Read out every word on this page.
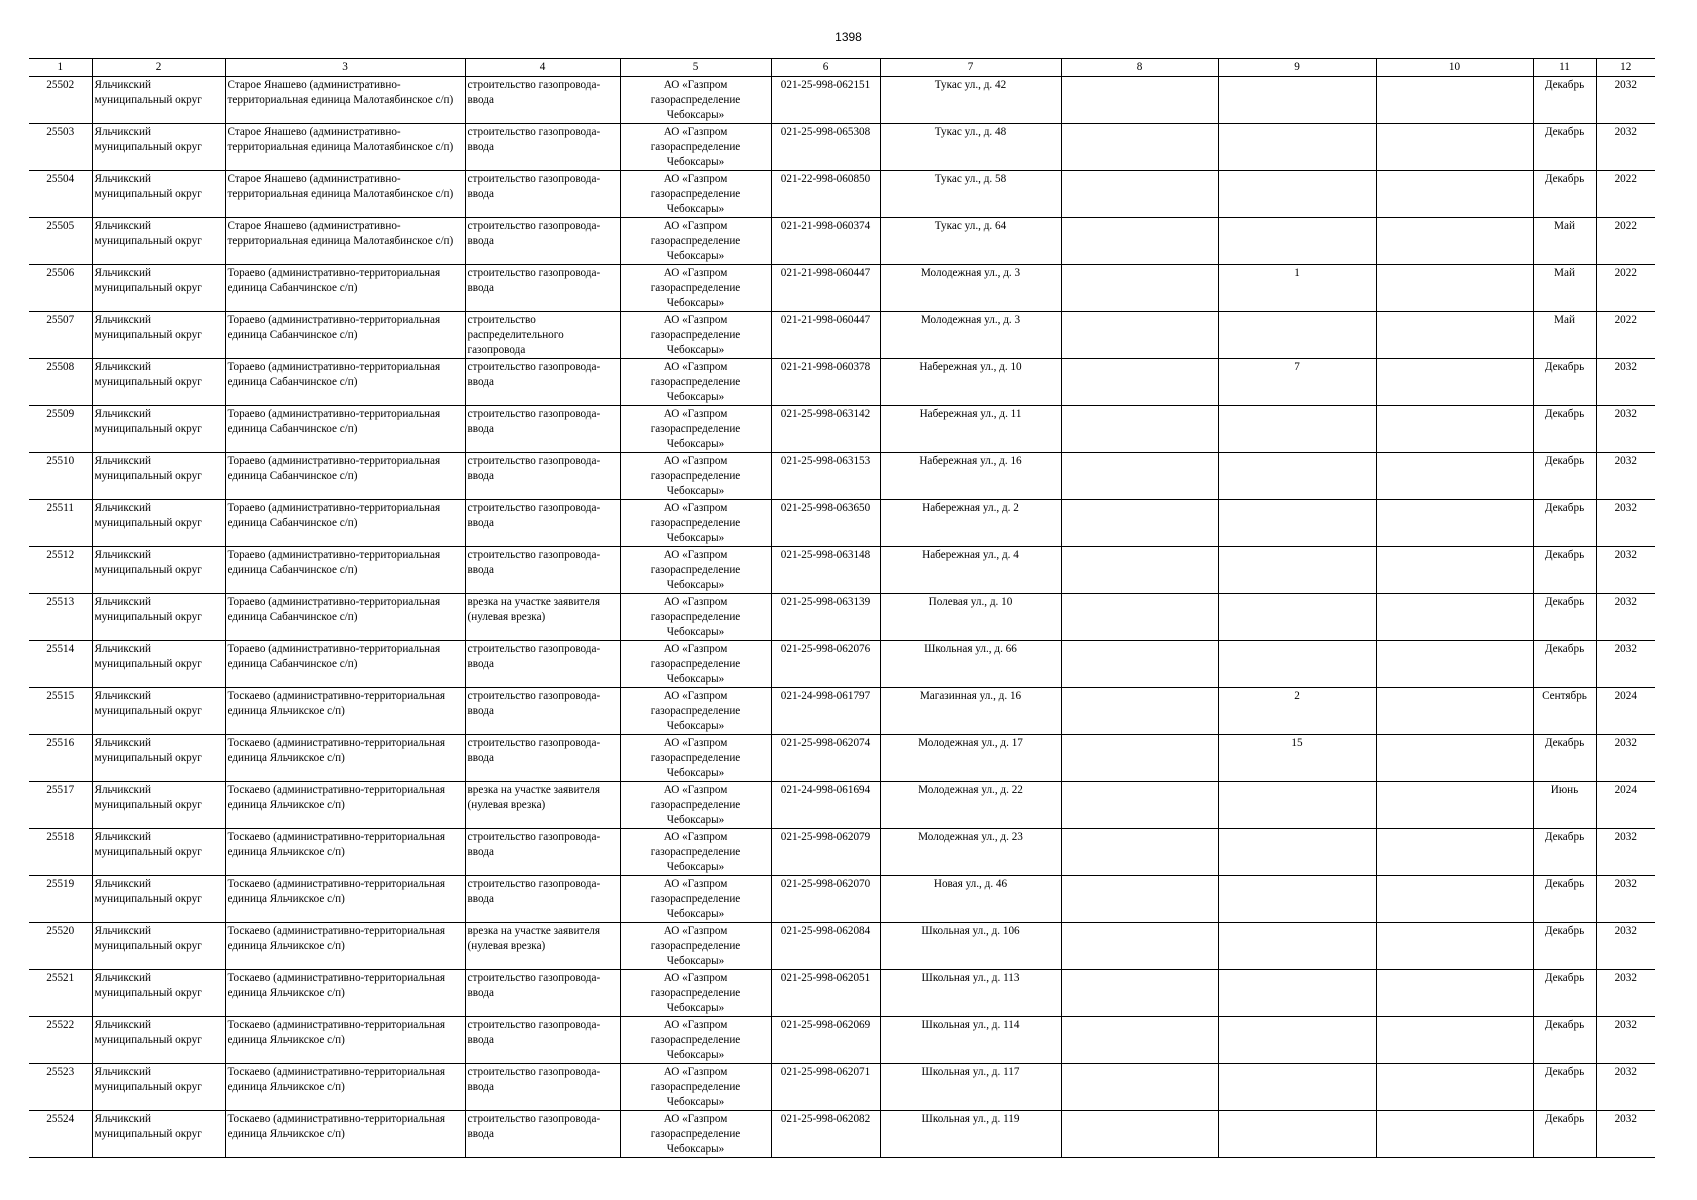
1398
1	2	3	4	5	6	7	8	9	10	11	12
25502	Яльчикский муниципальный округ	Старое Янашево (административно-территориальная единица Малотаябинское с/п)	строительство газопровода-ввода	АО «Газпром газораспределение Чебоксары»	021-25-998-062151	Тукас ул., д. 42				Декабрь	2032
25503	Яльчикский муниципальный округ	Старое Янашево (административно-территориальная единица Малотаябинское с/п)	строительство газопровода-ввода	АО «Газпром газораспределение Чебоксары»	021-25-998-065308	Тукас ул., д. 48				Декабрь	2032
25504	Яльчикский муниципальный округ	Старое Янашево (административно-территориальная единица Малотаябинское с/п)	строительство газопровода-ввода	АО «Газпром газораспределение Чебоксары»	021-22-998-060850	Тукас ул., д. 58				Декабрь	2022
25505	Яльчикский муниципальный округ	Старое Янашево (административно-территориальная единица Малотаябинское с/п)	строительство газопровода-ввода	АО «Газпром газораспределение Чебоксары»	021-21-998-060374	Тукас ул., д. 64				Май	2022
25506	Яльчикский муниципальный округ	Тораево (административно-территориальная единица Сабанчинское с/п)	строительство газопровода-ввода	АО «Газпром газораспределение Чебоксары»	021-21-998-060447	Молодежная ул., д. 3		1		Май	2022
25507	Яльчикский муниципальный округ	Тораево (административно-территориальная единица Сабанчинское с/п)	строительство распределительного газопровода	АО «Газпром газораспределение Чебоксары»	021-21-998-060447	Молодежная ул., д. 3				Май	2022
25508	Яльчикский муниципальный округ	Тораево (административно-территориальная единица Сабанчинское с/п)	строительство газопровода-ввода	АО «Газпром газораспределение Чебоксары»	021-21-998-060378	Набережная ул., д. 10		7		Декабрь	2032
25509	Яльчикский муниципальный округ	Тораево (административно-территориальная единица Сабанчинское с/п)	строительство газопровода-ввода	АО «Газпром газораспределение Чебоксары»	021-25-998-063142	Набережная ул., д. 11				Декабрь	2032
25510	Яльчикский муниципальный округ	Тораево (административно-территориальная единица Сабанчинское с/п)	строительство газопровода-ввода	АО «Газпром газораспределение Чебоксары»	021-25-998-063153	Набережная ул., д. 16				Декабрь	2032
25511	Яльчикский муниципальный округ	Тораево (административно-территориальная единица Сабанчинское с/п)	строительство газопровода-ввода	АО «Газпром газораспределение Чебоксары»	021-25-998-063650	Набережная ул., д. 2				Декабрь	2032
25512	Яльчикский муниципальный округ	Тораево (административно-территориальная единица Сабанчинское с/п)	строительство газопровода-ввода	АО «Газпром газораспределение Чебоксары»	021-25-998-063148	Набережная ул., д. 4				Декабрь	2032
25513	Яльчикский муниципальный округ	Тораево (административно-территориальная единица Сабанчинское с/п)	врезка на участке заявителя (нулевая врезка)	АО «Газпром газораспределение Чебоксары»	021-25-998-063139	Полевая ул., д. 10				Декабрь	2032
25514	Яльчикский муниципальный округ	Тораево (административно-территориальная единица Сабанчинское с/п)	строительство газопровода-ввода	АО «Газпром газораспределение Чебоксары»	021-25-998-062076	Школьная ул., д. 66				Декабрь	2032
25515	Яльчикский муниципальный округ	Тоскаево (административно-территориальная единица Яльчикское с/п)	строительство газопровода-ввода	АО «Газпром газораспределение Чебоксары»	021-24-998-061797	Магазинная ул., д. 16		2		Сентябрь	2024
25516	Яльчикский муниципальный округ	Тоскаево (административно-территориальная единица Яльчикское с/п)	строительство газопровода-ввода	АО «Газпром газораспределение Чебоксары»	021-25-998-062074	Молодежная ул., д. 17		15		Декабрь	2032
25517	Яльчикский муниципальный округ	Тоскаево (административно-территориальная единица Яльчикское с/п)	врезка на участке заявителя (нулевая врезка)	АО «Газпром газораспределение Чебоксары»	021-24-998-061694	Молодежная ул., д. 22				Июнь	2024
25518	Яльчикский муниципальный округ	Тоскаево (административно-территориальная единица Яльчикское с/п)	строительство газопровода-ввода	АО «Газпром газораспределение Чебоксары»	021-25-998-062079	Молодежная ул., д. 23				Декабрь	2032
25519	Яльчикский муниципальный округ	Тоскаево (административно-территориальная единица Яльчикское с/п)	строительство газопровода-ввода	АО «Газпром газораспределение Чебоксары»	021-25-998-062070	Новая ул., д. 46				Декабрь	2032
25520	Яльчикский муниципальный округ	Тоскаево (административно-территориальная единица Яльчикское с/п)	врезка на участке заявителя (нулевая врезка)	АО «Газпром газораспределение Чебоксары»	021-25-998-062084	Школьная ул., д. 106				Декабрь	2032
25521	Яльчикский муниципальный округ	Тоскаево (административно-территориальная единица Яльчикское с/п)	строительство газопровода-ввода	АО «Газпром газораспределение Чебоксары»	021-25-998-062051	Школьная ул., д. 113				Декабрь	2032
25522	Яльчикский муниципальный округ	Тоскаево (административно-территориальная единица Яльчикское с/п)	строительство газопровода-ввода	АО «Газпром газораспределение Чебоксары»	021-25-998-062069	Школьная ул., д. 114				Декабрь	2032
25523	Яльчикский муниципальный округ	Тоскаево (административно-территориальная единица Яльчикское с/п)	строительство газопровода-ввода	АО «Газпром газораспределение Чебоксары»	021-25-998-062071	Школьная ул., д. 117				Декабрь	2032
25524	Яльчикский муниципальный округ	Тоскаево (административно-территориальная единица Яльчикское с/п)	строительство газопровода-ввода	АО «Газпром газораспределение Чебоксары»	021-25-998-062082	Школьная ул., д. 119				Декабрь	2032
